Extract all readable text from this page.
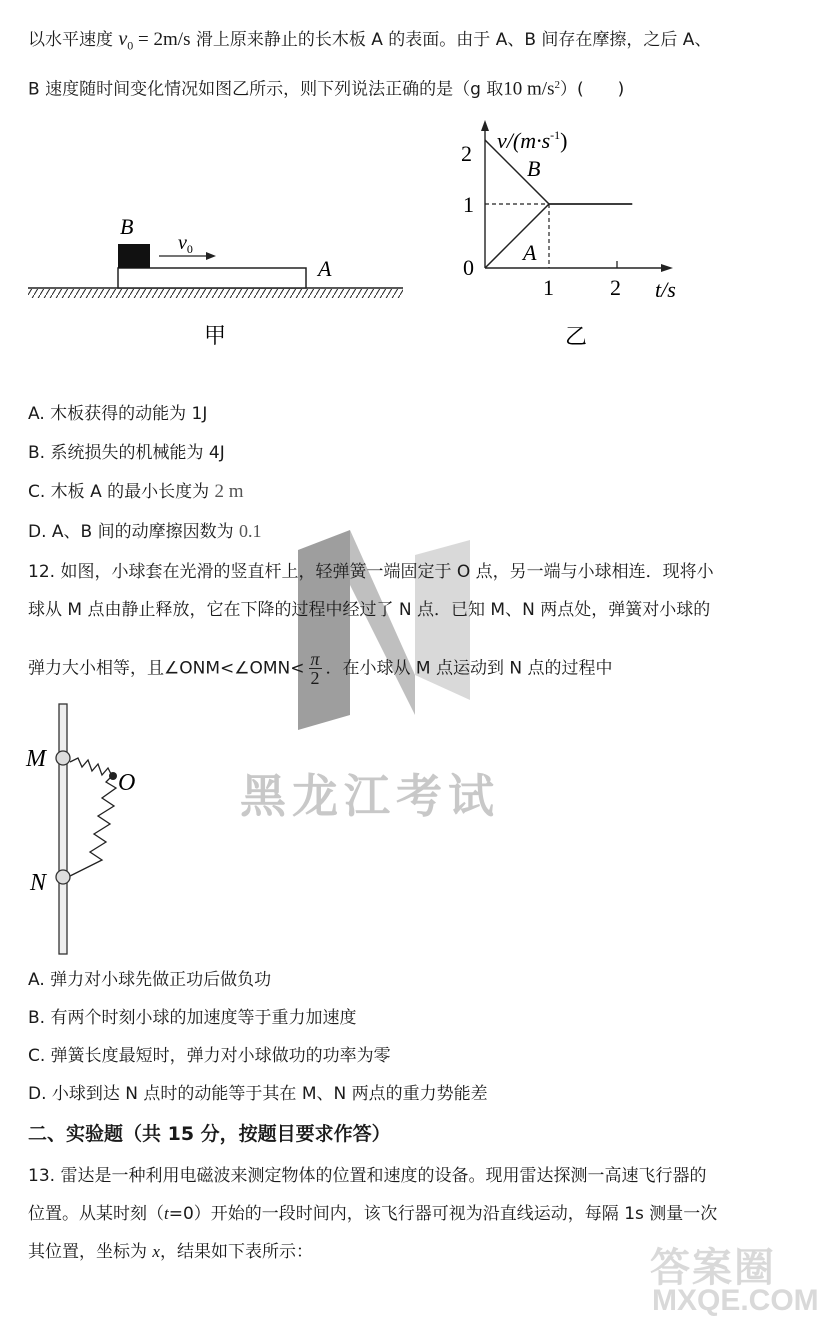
以水平速度 $v_0 = 2m/s$ 滑上原来静止的长木板 A 的表面。由于 A、B 间存在摩擦，之后 A、
B 速度随时间变化情况如图乙所示，则下列说法正确的是（g 取10 $m/s^2$）(　　)
B
$v_0$
A
甲
$v/(m\cdot s^{-1})$
2
1
0
1	2 t/s
B
A
乙
A. 木板获得的动能为 1J
B. 系统损失的机械能为 4J
C. 木板 A 的最小长度为 2 m
D. A、B 间的动摩擦因数为 0.1
黑龙江考试
12. 如图，小球套在光滑的竖直杆上，轻弹簧一端固定于 O 点，另一端与小球相连．现将小
球从 M 点由静止释放，它在下降的过程中经过了 N 点．已知 M、N 两点处，弹簧对小球的
弹力大小相等，且∠ONM<∠OMN< $\frac{\pi}{2}$ ．在小球从 M 点运动到 N 点的过程中
M
O
N
A. 弹力对小球先做正功后做负功
B. 有两个时刻小球的加速度等于重力加速度
C. 弹簧长度最短时，弹力对小球做功的功率为零
D. 小球到达 N 点时的动能等于其在 M、N 两点的重力势能差
二、实验题（共 15 分，按题目要求作答）
13. 雷达是一种利用电磁波来测定物体的位置和速度的设备。现用雷达探测一高速飞行器的
位置。从某时刻（t=0）开始的一段时间内，该飞行器可视为沿直线运动，每隔 1s 测量一次
其位置，坐标为 x，结果如下表所示：	答案圈
MXQE.COM
